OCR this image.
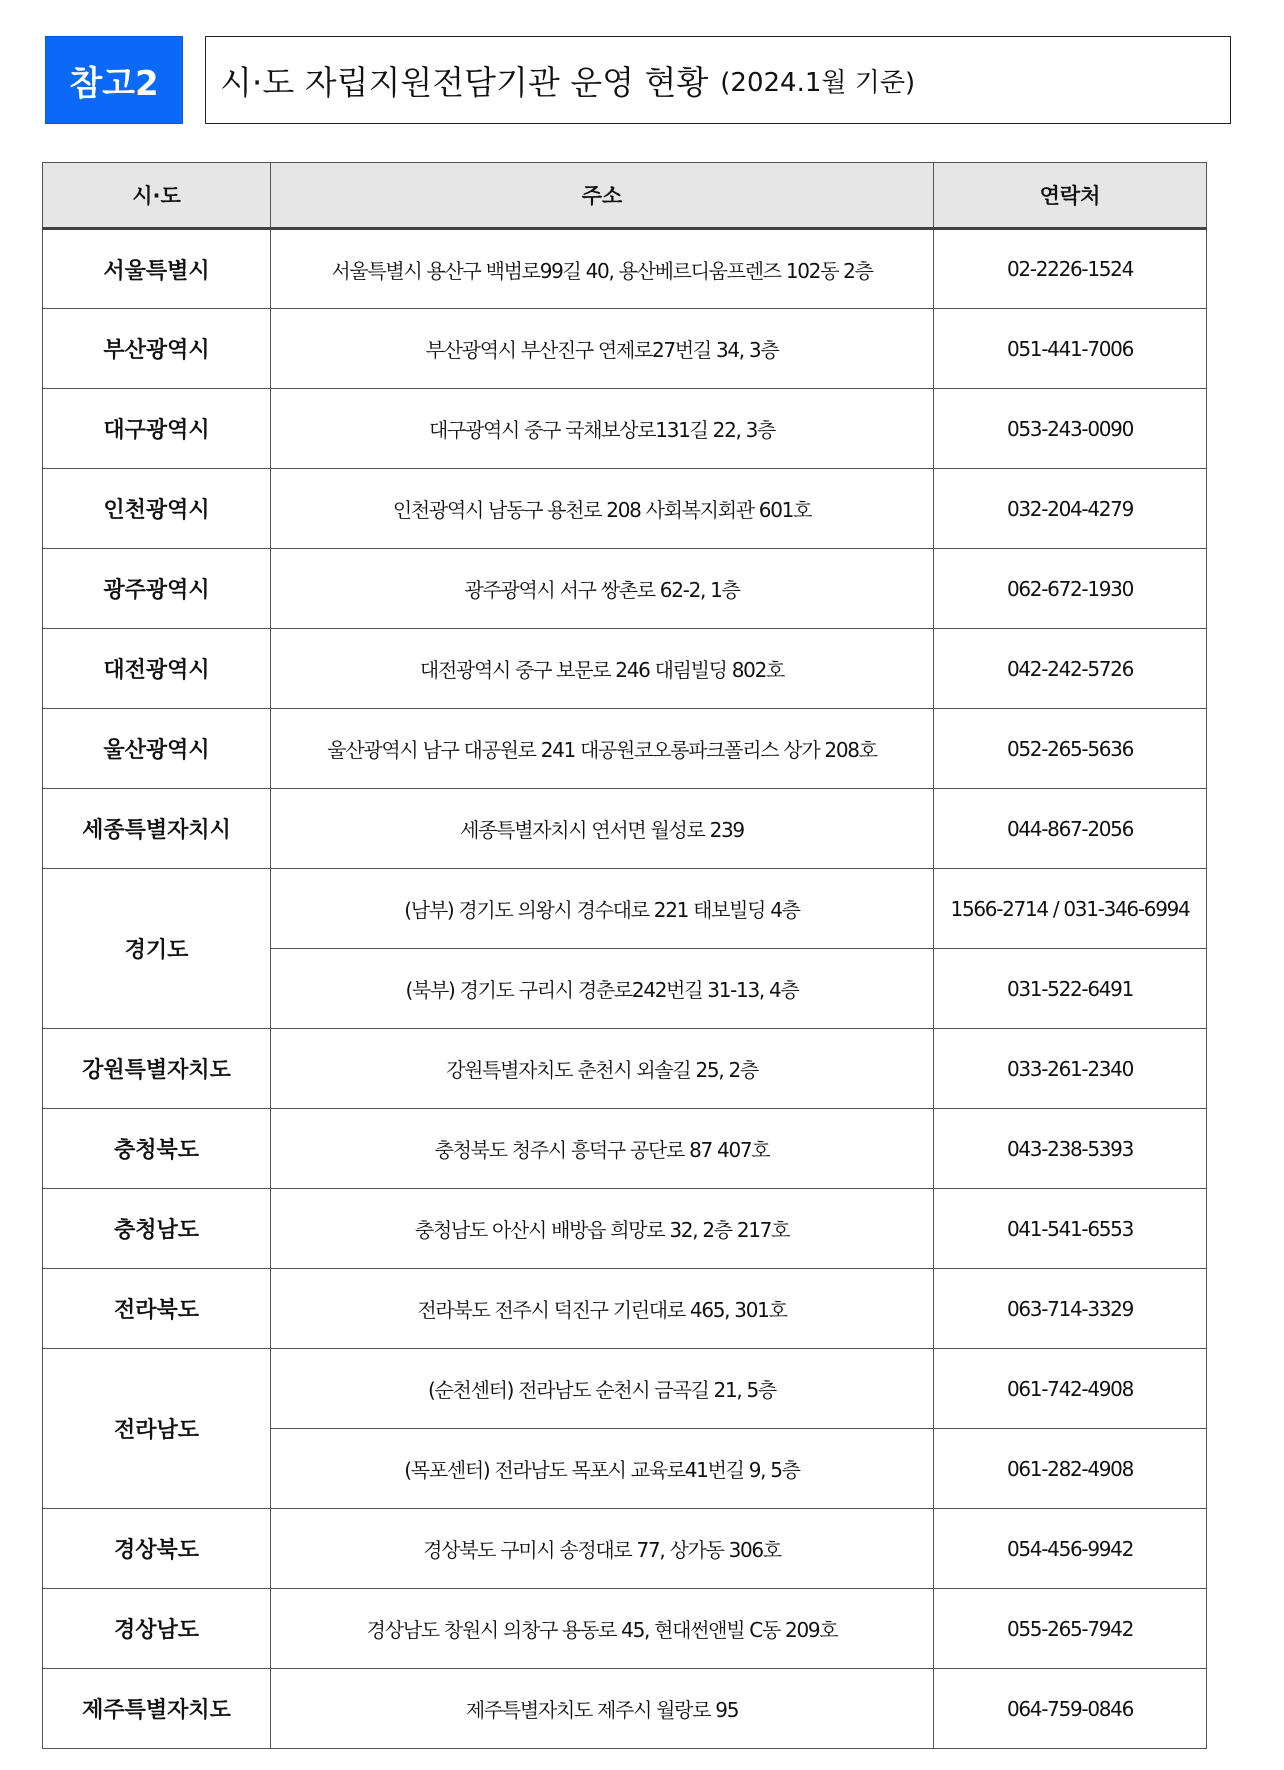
참고2	시·도 자립지원전담기관 운영 현황 (2024.1월 기준)
시·도	주소	연락처
서울특별시	서울특별시 용산구 백범로99길 40, 용산베르디움프렌즈 102동 2층	02-2226-1524
부산광역시	부산광역시 부산진구 연제로27번길 34, 3층	051-441-7006
대구광역시	대구광역시 중구 국채보상로131길 22, 3층	053-243-0090
인천광역시	인천광역시 남동구 용천로 208 사회복지회관 601호	032-204-4279
광주광역시	광주광역시 서구 쌍촌로 62-2, 1층	062-672-1930
대전광역시	대전광역시 중구 보문로 246 대림빌딩 802호	042-242-5726
울산광역시	울산광역시 남구 대공원로 241 대공원코오롱파크폴리스 상가 208호	052-265-5636
세종특별자치시	세종특별자치시 연서면 월성로 239	044-867-2056
경기도	(남부) 경기도 의왕시 경수대로 221 태보빌딩 4층	1566-2714 / 031-346-6994
	(북부) 경기도 구리시 경춘로242번길 31-13, 4층	031-522-6491
강원특별자치도	강원특별자치도 춘천시 외솔길 25, 2층	033-261-2340
충청북도	충청북도 청주시 흥덕구 공단로 87 407호	043-238-5393
충청남도	충청남도 아산시 배방읍 희망로 32, 2층 217호	041-541-6553
전라북도	전라북도 전주시 덕진구 기린대로 465, 301호	063-714-3329
전라남도	(순천센터) 전라남도 순천시 금곡길 21, 5층	061-742-4908
	(목포센터) 전라남도 목포시 교육로41번길 9, 5층	061-282-4908
경상북도	경상북도 구미시 송정대로 77, 상가동 306호	054-456-9942
경상남도	경상남도 창원시 의창구 용동로 45, 현대썬앤빌 C동 209호	055-265-7942
제주특별자치도	제주특별자치도 제주시 월랑로 95	064-759-0846
